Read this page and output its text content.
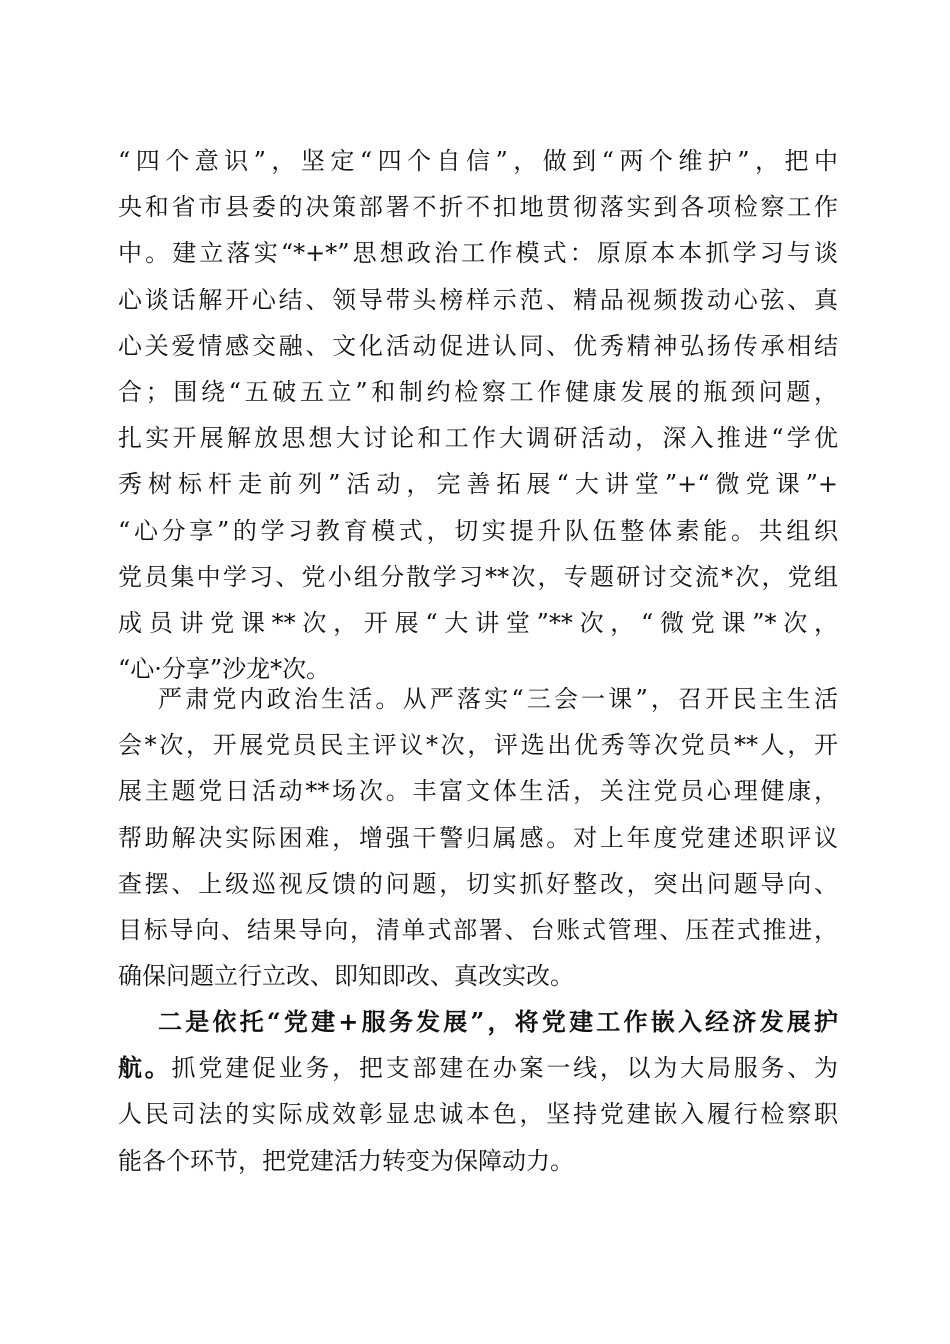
“四个意识”，坚定“四个自信”，做到“两个维护”，把中
央和省市县委的决策部署不折不扣地贯彻落实到各项检察工作
中。建立落实“*+*”思想政治工作模式：原原本本抓学习与谈
心谈话解开心结、领导带头榜样示范、精品视频拨动心弦、真
心关爱情感交融、文化活动促进认同、优秀精神弘扬传承相结
合；围绕“五破五立”和制约检察工作健康发展的瓶颈问题，
扎实开展解放思想大讨论和工作大调研活动，深入推进“学优
秀树标杆走前列”活动，完善拓展“大讲堂”+“微党课”+
“心分享”的学习教育模式，切实提升队伍整体素能。共组织
党员集中学习、党小组分散学习**次，专题研讨交流*次，党组
成员讲党课**次，开展“大讲堂”**次，“微党课”*次，
“心·分享”沙龙*次。
严肃党内政治生活。从严落实“三会一课”，召开民主生活
会*次，开展党员民主评议*次，评选出优秀等次党员**人，开
展主题党日活动**场次。丰富文体生活，关注党员心理健康，
帮助解决实际困难，增强干警归属感。对上年度党建述职评议
查摆、上级巡视反馈的问题，切实抓好整改，突出问题导向、
目标导向、结果导向，清单式部署、台账式管理、压茬式推进，
确保问题立行立改、即知即改、真改实改。
二是依托“党建+服务发展”，将党建工作嵌入经济发展护
航。抓党建促业务，把支部建在办案一线，以为大局服务、为
人民司法的实际成效彰显忠诚本色，坚持党建嵌入履行检察职
能各个环节，把党建活力转变为保障动力。
